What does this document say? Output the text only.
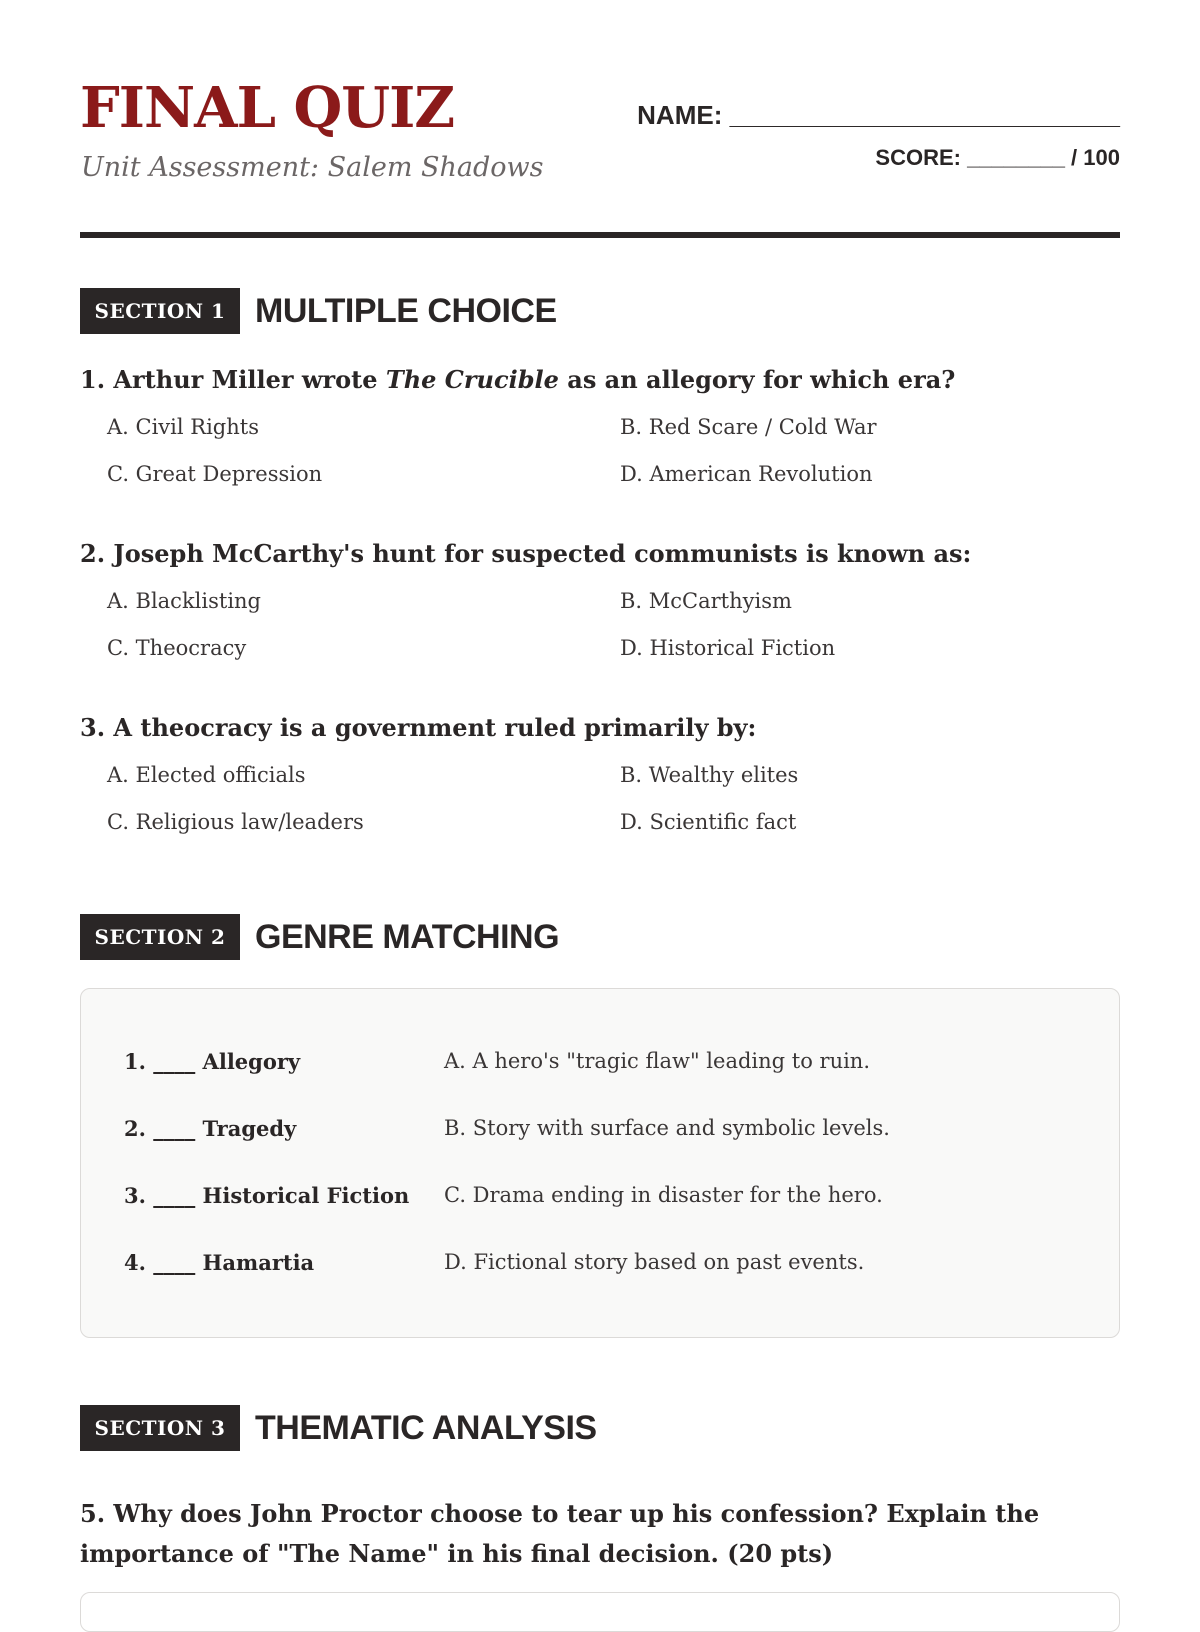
FINAL QUIZ
Unit Assessment: Salem Shadows
NAME: ___________________________
SCORE: ________ / 100
SECTION 1 MULTIPLE CHOICE

1. Arthur Miller wrote The Crucible as an allegory for which era?

A. Civil Rights	B. Red Scare / Cold War
C. Great Depression	D. American Revolution

2. Joseph McCarthy's hunt for suspected communists is known as:

A. Blacklisting	B. McCarthyism
C. Theocracy	D. Historical Fiction

3. A theocracy is a government ruled primarily by:

A. Elected officials	B. Wealthy elites
C. Religious law/leaders	D. Scientific fact
SECTION 2 GENRE MATCHING
1. ____ Allegory	A. A hero's "tragic flaw" leading to ruin.
2. ____ Tragedy	B. Story with surface and symbolic levels.
3. ____ Historical Fiction C. Drama ending in disaster for the hero.
4. ____ Hamartia	D. Fictional story based on past events.
SECTION 3 THEMATIC ANALYSIS

5. Why does John Proctor choose to tear up his confession? Explain the importance of "The Name" in his final decision. (20 pts)
